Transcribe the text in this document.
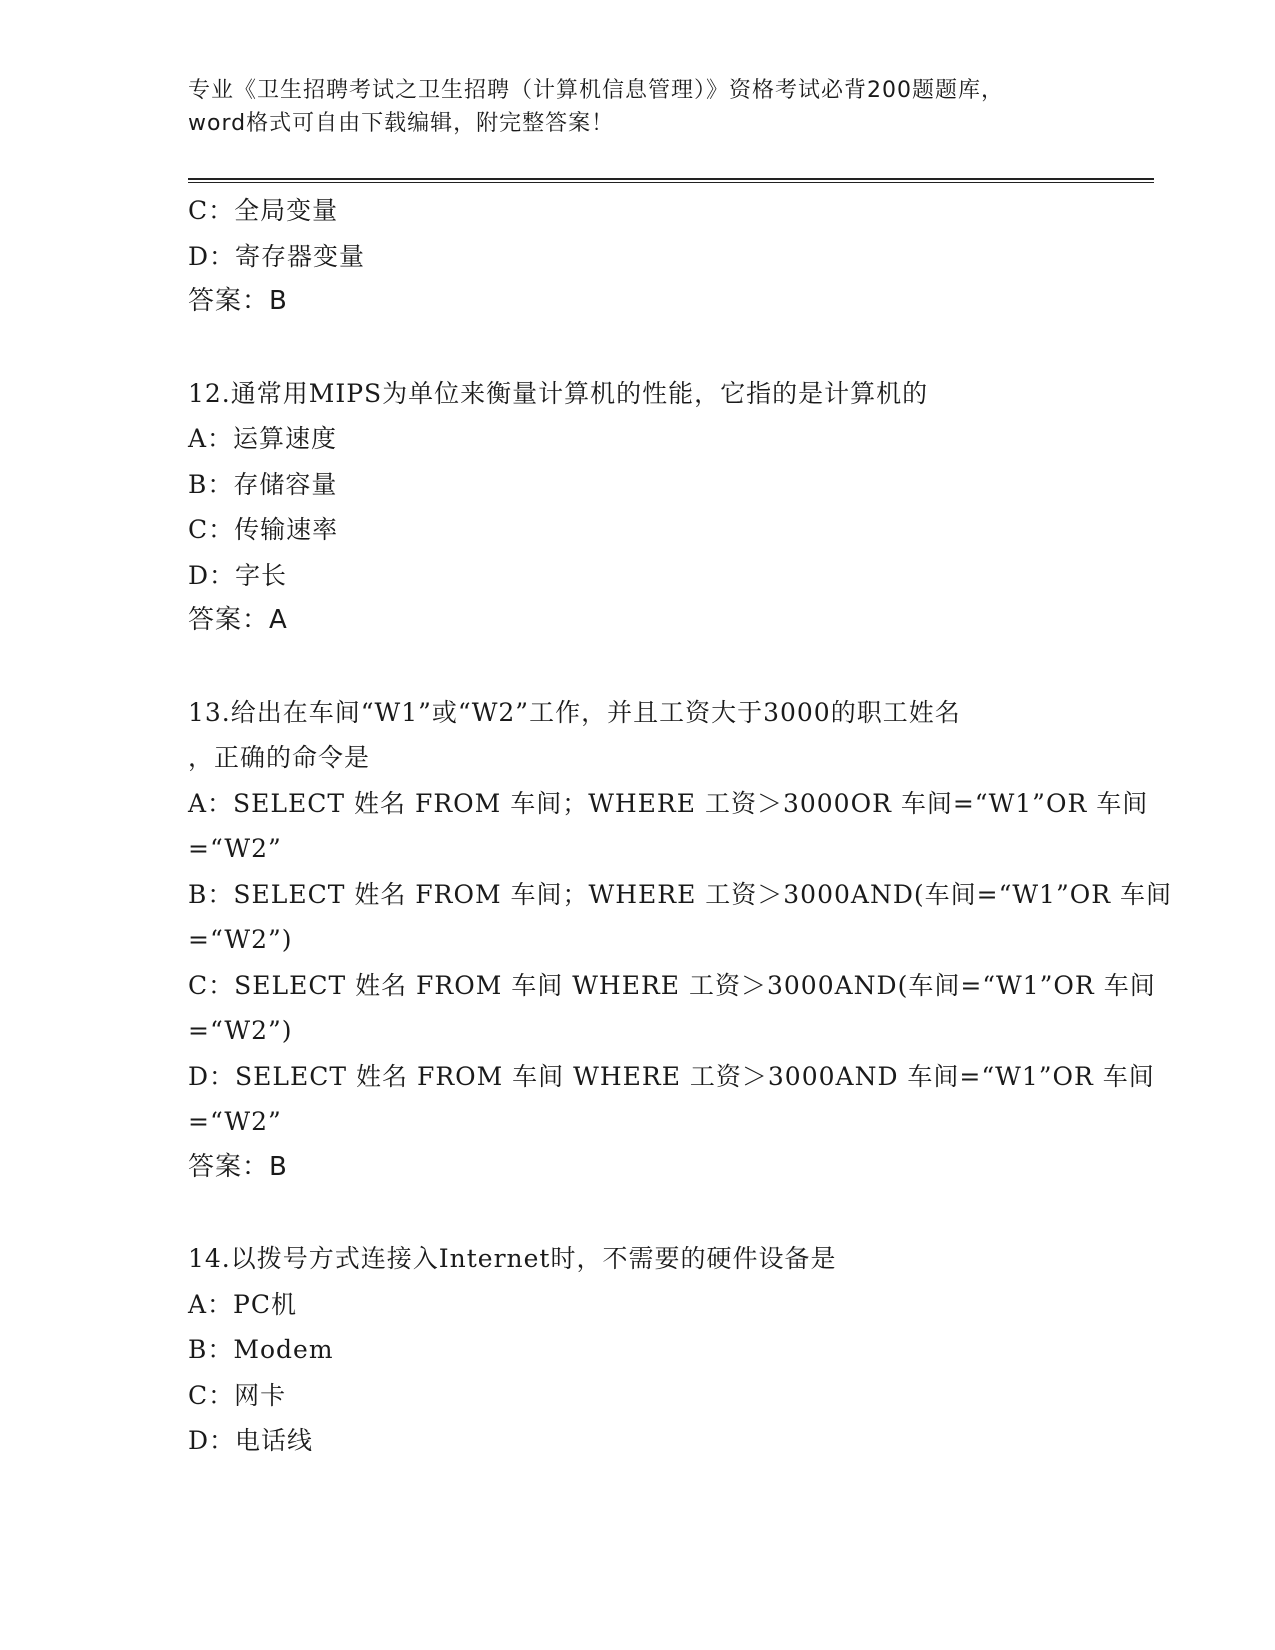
专业《卫生招聘考试之卫生招聘（计算机信息管理）》资格考试必背200题题库，
word格式可自由下载编辑，附完整答案！
C：全局变量
D：寄存器变量
答案：B
12.通常用MIPS为单位来衡量计算机的性能，它指的是计算机的
A：运算速度
B：存储容量
C：传输速率
D：字长
答案：A
13.给出在车间“W1”或“W2”工作，并且工资大于3000的职工姓名
，正确的命令是
A：SELECT 姓名 FROM 车间；WHERE 工资＞3000OR 车间=“W1”OR 车间
=“W2”
B：SELECT 姓名 FROM 车间；WHERE 工资＞3000AND(车间=“W1”OR 车间
=“W2”)
C：SELECT 姓名 FROM 车间 WHERE 工资＞3000AND(车间=“W1”OR 车间
=“W2”)
D：SELECT 姓名 FROM 车间 WHERE 工资＞3000AND 车间=“W1”OR 车间
=“W2”
答案：B
14.以拨号方式连接入Internet时，不需要的硬件设备是
A：PC机
B：Modem
C：网卡
D：电话线
